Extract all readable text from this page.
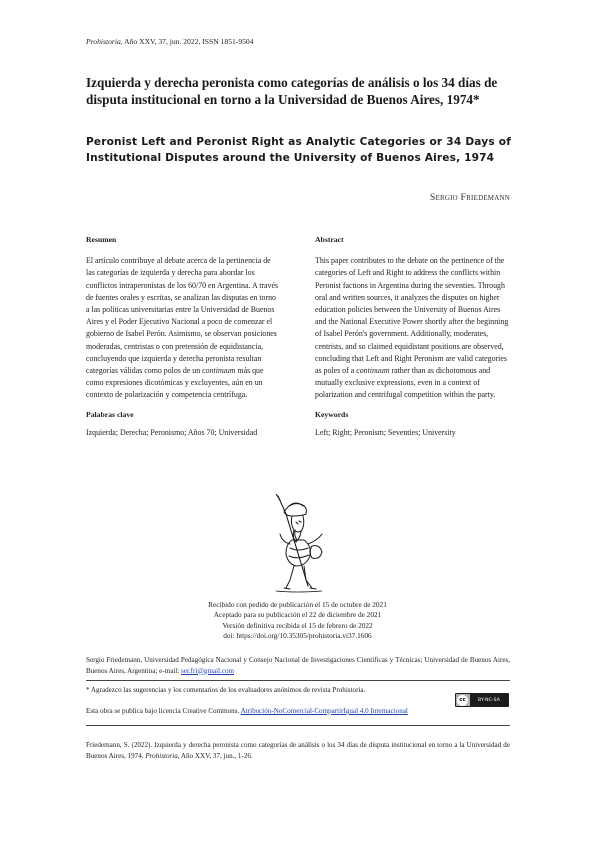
Prohistoria, Año XXV, 37, jun. 2022, ISSN 1851-9504
Izquierda y derecha peronista como categorías de análisis o los 34 días de disputa institucional en torno a la Universidad de Buenos Aires, 1974*
Peronist Left and Peronist Right as Analytic Categories or 34 Days of Institutional Disputes around the University of Buenos Aires, 1974
Sergio Friedemann
Resumen

El artículo contribuye al debate acerca de la pertinencia de las categorías de izquierda y derecha para abordar los conflictos intraperonistas de los 60/70 en Argentina. A través de fuentes orales y escritas, se analizan las disputas en torno a las políticas universitarias entre la Universidad de Buenos Aires y el Poder Ejecutivo Nacional a poco de comenzar el gobierno de Isabel Perón. Asimismo, se observan posiciones moderadas, centristas o con pretensión de equidistancia, concluyendo que izquierda y derecha peronista resultan categorías válidas como polos de un continuum más que como expresiones dicotómicas y excluyentes, aún en un contexto de polarización y competencia centrífuga.

Palabras clave

Izquierda; Derecha; Peronismo; Años 70; Universidad

Abstract

This paper contributes to the debate on the pertinence of the categories of Left and Right to address the conflicts within Peronist factions in Argentina during the seventies. Through oral and written sources, it analyzes the disputes on higher education policies between the University of Buenos Aires and the National Executive Power shortly after the beginning of Isabel Perón's government. Additionally, moderates, centrists, and so claimed equidistant positions are observed, concluding that Left and Right Peronism are valid categories as poles of a continuum rather than as dichotomous and mutually exclusive expressions, even in a context of polarization and centrifugal competition within the party.

Keywords

Left; Right; Peronism; Seventies; University

Recibido con pedido de publicación el 15 de octubre de 2021
Aceptado para su publicación el 22 de diciembre de 2021
Versión definitiva recibida el 15 de febrero de 2022
doi: https://doi.org/10.35305/prohistoria.vi37.1606
Sergio Friedemann, Universidad Pedagógica Nacional y Consejo Nacional de Investigaciones Científicas y Técnicas; Universidad de Buenos Aires, Buenos Aires, Argentina; e-mail: ser.fri@gmail.com
* Agradezco las sugerencias y los comentarios de los evaluadores anónimos de revista Prohistoria.
cc	BY-NC-SA
Esta obra se publica bajo licencia Creative Commons. Atribución-NoComercial-CompartirIgual 4.0 Internacional
Friedemann, S. (2022). Izquierda y derecha peronista como categorías de análisis o los 34 días de disputa institucional en torno a la Universidad de Buenos Aires, 1974. Prohistoria, Año XXV, 37, jun., 1-26.
